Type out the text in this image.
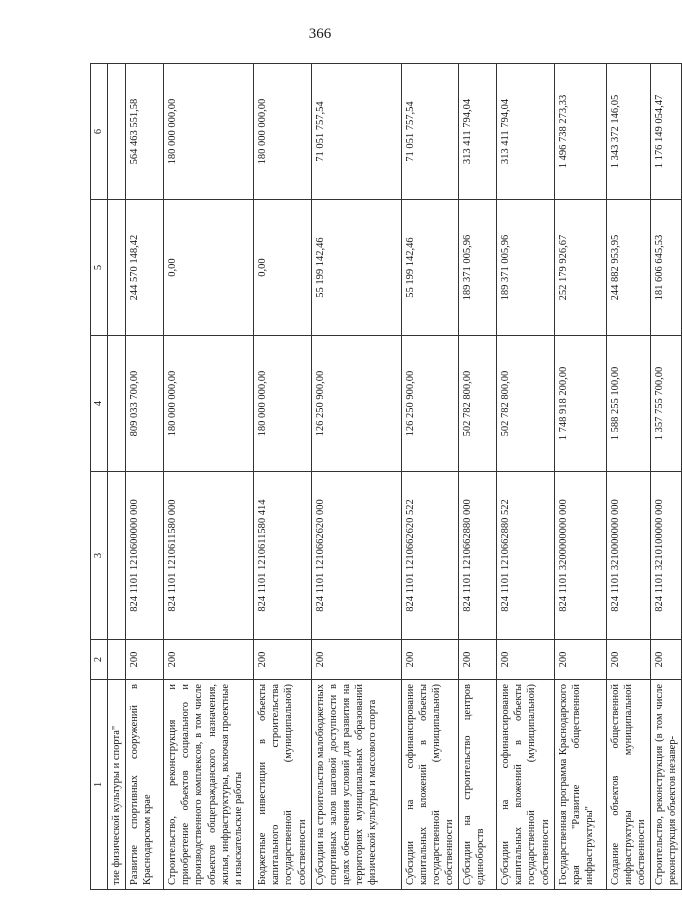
366
1	2	3	4	5	6
тие физической культуры и спорта"					
Развитие спортивных сооружений в Краснодарском крае	200	824 1101 1210600000 000	809 033 700,00	244 570 148,42	564 463 551,58
Строительство, реконструкция и приобретение объектов социального и производственного комплексов, в том числе объектов общегражданского назначения, жилья, инфраструктуры, включая проектные и изыскательские работы	200	824 1101 1210611580 000	180 000 000,00	0,00	180 000 000,00
Бюджетные инвестиции в объекты капитального строительства государственной (муниципальной) собственности	200	824 1101 1210611580 414	180 000 000,00	0,00	180 000 000,00
Субсидии на строительство малобюджетных спортивных залов шаговой доступности в целях обеспечения условий для развития на территориях муниципальных образований физической культуры и массового спорта	200	824 1101 1210662620 000	126 250 900,00	55 199 142,46	71 051 757,54
Субсидии на софинансирование капитальных вложений в объекты государственной (муниципальной) собственности	200	824 1101 1210662620 522	126 250 900,00	55 199 142,46	71 051 757,54
Субсидии на строительство центров единоборств	200	824 1101 1210662880 000	502 782 800,00	189 371 005,96	313 411 794,04
Субсидии на софинансирование капитальных вложений в объекты государственной (муниципальной) собственности	200	824 1101 1210662880 522	502 782 800,00	189 371 005,96	313 411 794,04
Государственная программа Краснодарского края "Развитие общественной инфраструктуры"	200	824 1101 3200000000 000	1 748 918 200,00	252 179 926,67	1 496 738 273,33
Создание объектов общественной инфраструктуры муниципальной собственности	200	824 1101 3210000000 000	1 588 255 100,00	244 882 953,95	1 343 372 146,05
Строительство, реконструкция (в том числе реконструкция объектов незавер-	200	824 1101 3210100000 000	1 357 755 700,00	181 606 645,53	1 176 149 054,47
